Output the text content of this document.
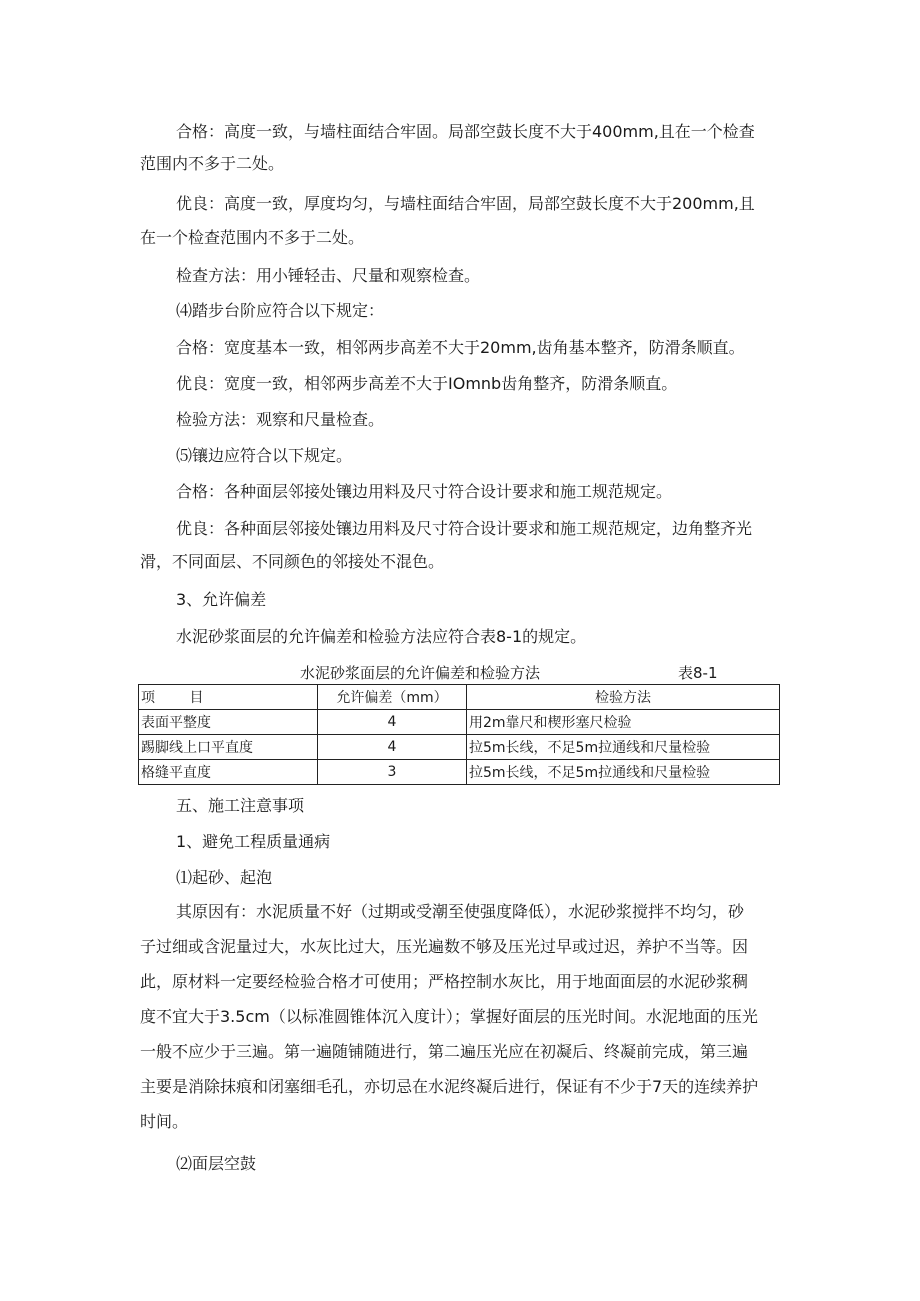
合格：高度一致，与墙柱面结合牢固。局部空鼓长度不大于400mm,且在一个检查

范围内不多于二处。

优良：高度一致，厚度均匀，与墙柱面结合牢固，局部空鼓长度不大于200mm,且

在一个检查范围内不多于二处。

检查方法：用小锤轻击、尺量和观察检查。

⑷踏步台阶应符合以下规定：

合格：宽度基本一致，相邻两步高差不大于20mm,齿角基本整齐，防滑条顺直。

优良：宽度一致，相邻两步高差不大于IOmnb齿角整齐，防滑条顺直。

检验方法：观察和尺量检查。

⑸镶边应符合以下规定。

合格：各种面层邻接处镶边用料及尺寸符合设计要求和施工规范规定。

优良：各种面层邻接处镶边用料及尺寸符合设计要求和施工规范规定，边角整齐光

滑，不同面层、不同颜色的邻接处不混色。

3、允许偏差

水泥砂浆面层的允许偏差和检验方法应符合表8-1的规定。

水泥砂浆面层的允许偏差和检验方法	表8-1
项 目	允许偏差（mm）	检验方法
表面平整度	4	用2m靠尺和楔形塞尺检验
踢脚线上口平直度	4	拉5m长线，不足5m拉通线和尺量检验
格缝平直度	3	拉5m长线，不足5m拉通线和尺量检验

五、施工注意事项

1、避免工程质量通病

⑴起砂、起泡

其原因有：水泥质量不好（过期或受潮至使强度降低），水泥砂浆搅拌不均匀，砂

子过细或含泥量过大，水灰比过大，压光遍数不够及压光过早或过迟，养护不当等。因

此，原材料一定要经检验合格才可使用；严格控制水灰比，用于地面面层的水泥砂浆稠

度不宜大于3.5cm（以标准圆锥体沉入度计）；掌握好面层的压光时间。水泥地面的压光

一般不应少于三遍。第一遍随铺随进行，第二遍压光应在初凝后、终凝前完成，第三遍

主要是消除抹痕和闭塞细毛孔，亦切忌在水泥终凝后进行，保证有不少于7天的连续养护

时间。

⑵面层空鼓
